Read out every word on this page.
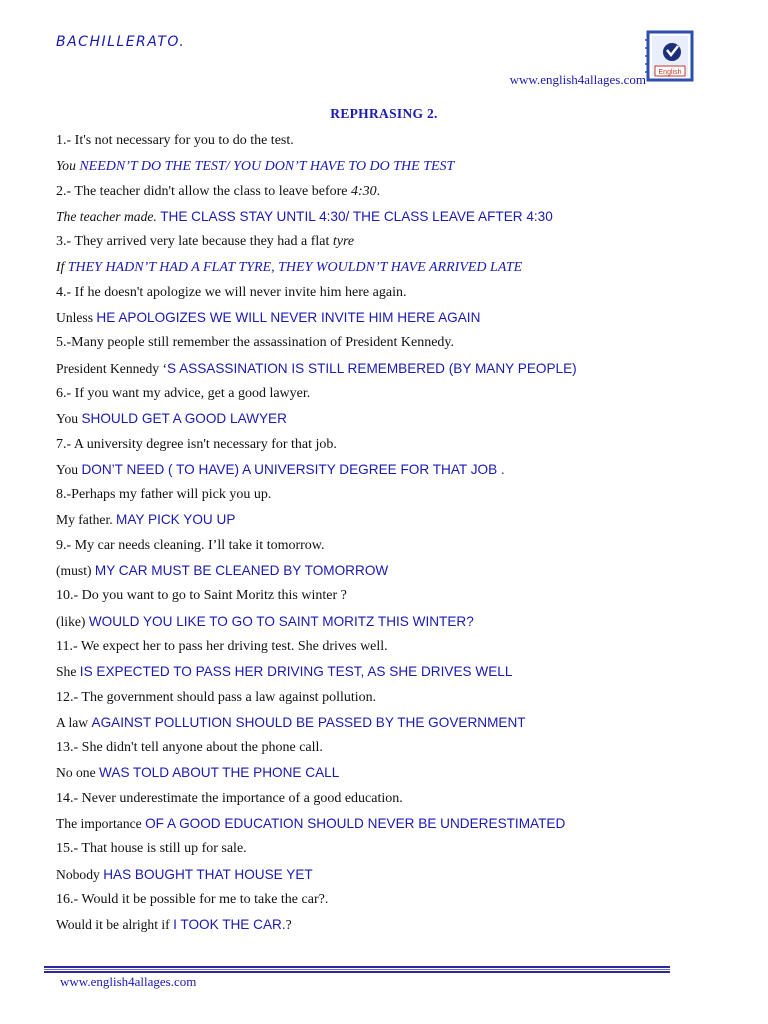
BACHILLERATO.
English
www.english4allages.com
REPHRASING 2.
1.- It's not necessary for you to do the test.
You NEEDN’T DO THE TEST/ YOU DON’T HAVE TO DO THE TEST
2.- The teacher didn't allow the class to leave before 4:30.
The teacher made. THE CLASS STAY UNTIL 4:30/ THE CLASS LEAVE AFTER 4:30
3.- They arrived very late because they had a flat tyre
If THEY HADN’T HAD A FLAT TYRE, THEY WOULDN’T HAVE ARRIVED LATE
4.- If he doesn't apologize we will never invite him here again.
Unless HE APOLOGIZES WE WILL NEVER INVITE HIM HERE AGAIN
5.-Many people still remember the assassination of President Kennedy.
President Kennedy ‘S ASSASSINATION IS STILL REMEMBERED (BY MANY PEOPLE)
6.- If you want my advice, get a good lawyer.
You SHOULD GET A GOOD LAWYER
7.- A university degree isn't necessary for that job.
You DON’T NEED ( TO HAVE) A UNIVERSITY DEGREE FOR THAT JOB .
8.-Perhaps my father will pick you up.
My father. MAY PICK YOU UP
9.- My car needs cleaning. I’ll take it tomorrow.
(must) MY CAR MUST BE CLEANED BY TOMORROW
10.- Do you want to go to Saint Moritz this winter ?
(like) WOULD YOU LIKE TO GO TO SAINT MORITZ THIS WINTER?
11.- We expect her to pass her driving test. She drives well.
She IS EXPECTED TO PASS HER DRIVING TEST, AS SHE DRIVES WELL
12.- The government should pass a law against pollution.
A law AGAINST POLLUTION SHOULD BE PASSED BY THE GOVERNMENT
13.- She didn't tell anyone about the phone call.
No one WAS TOLD ABOUT THE PHONE CALL
14.- Never underestimate the importance of a good education.
The importance OF A GOOD EDUCATION SHOULD NEVER BE UNDERESTIMATED
15.- That house is still up for sale.
Nobody HAS BOUGHT THAT HOUSE YET
16.- Would it be possible for me to take the car?.
Would it be alright if I TOOK THE CAR.?
www.english4allages.com
